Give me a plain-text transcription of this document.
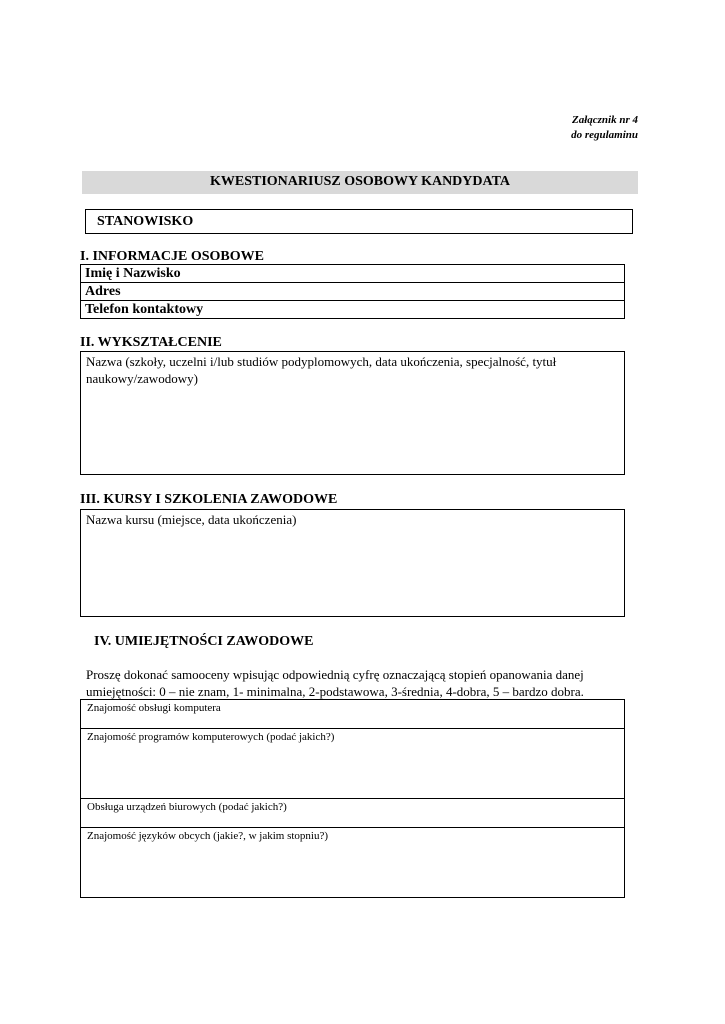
Załącznik nr 4
do regulaminu
KWESTIONARIUSZ OSOBOWY KANDYDATA
STANOWISKO
I. INFORMACJE OSOBOWE
Imię i Nazwisko
Adres
Telefon kontaktowy
II. WYKSZTAŁCENIE
Nazwa (szkoły, uczelni i/lub studiów podyplomowych, data ukończenia, specjalność, tytuł naukowy/zawodowy)
III. KURSY I SZKOLENIA ZAWODOWE
Nazwa kursu (miejsce, data ukończenia)
IV. UMIEJĘTNOŚCI ZAWODOWE
Proszę dokonać samooceny wpisując odpowiednią cyfrę oznaczającą stopień opanowania danej umiejętności: 0 – nie znam, 1- minimalna, 2-podstawowa, 3-średnia, 4-dobra, 5 – bardzo dobra.
Znajomość obsługi komputera
Znajomość programów komputerowych (podać jakich?)
Obsługa urządzeń biurowych (podać jakich?)
Znajomość języków obcych (jakie?, w jakim stopniu?)
